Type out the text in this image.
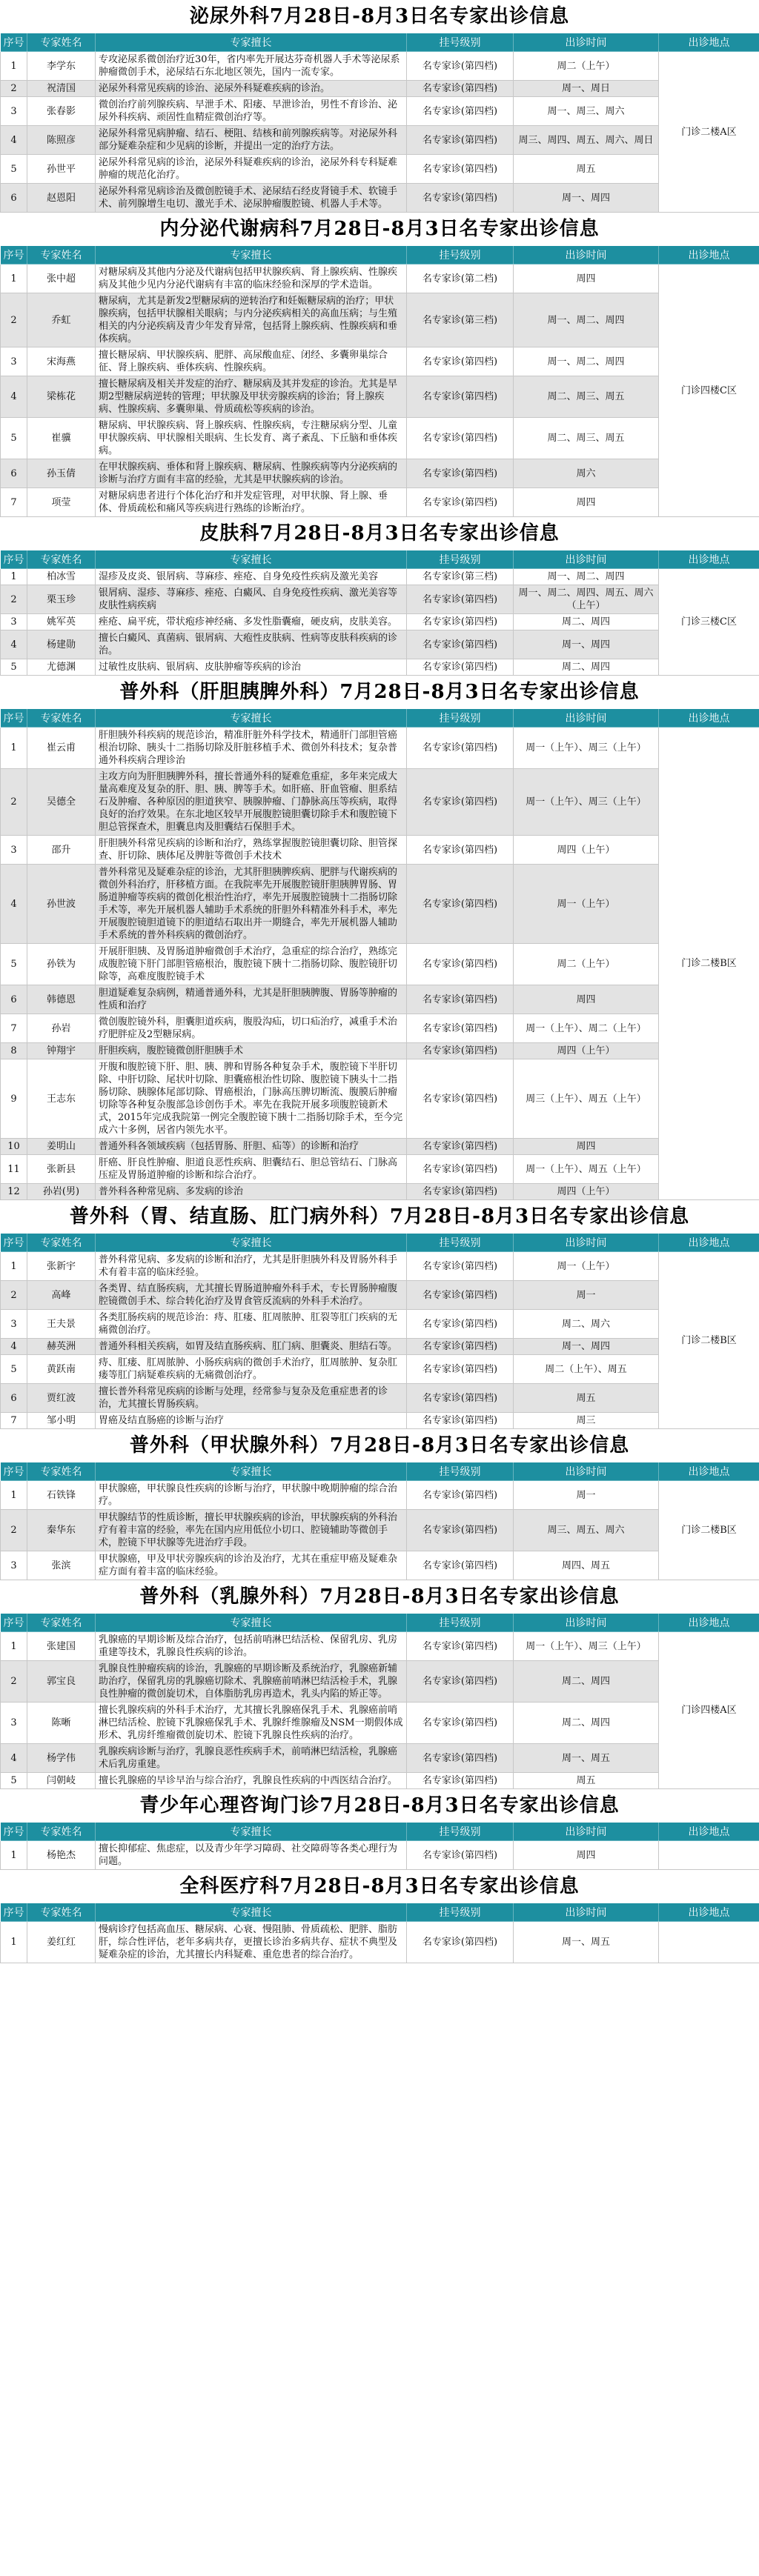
泌尿外科7月28日-8月3日名专家出诊信息
序号	专家姓名	专家擅长	挂号级别	出诊时间	出诊地点
1	李学东	专攻泌尿系微创治疗近30年，省内率先开展达芬奇机器人手术等泌尿系肿瘤微创手术，泌尿结石东北地区领先，国内一流专家。	名专家诊(第四档)	周二（上午）	门诊二楼A区
2	祝清国	泌尿外科常见疾病的诊治、泌尿外科疑难疾病的诊治。	名专家诊(第四档)	周一、周日	
3	张春影	微创治疗前列腺疾病、早泄手术、阳痿、早泄诊治，男性不育诊治、泌尿外科疾病、顽固性血精症微创治疗等。	名专家诊(第四档)	周一、周三、周六	
4	陈照彦	泌尿外科常见病肿瘤、结石、梗阻、结核和前列腺疾病等。对泌尿外科部分疑难杂症和少见病的诊断，并提出一定的治疗方法。	名专家诊(第四档)	周三、周四、周五、周六、周日	
5	孙世平	泌尿外科常见病的诊治，泌尿外科疑难疾病的诊治，泌尿外科专科疑难肿瘤的规范化治疗。	名专家诊(第四档)	周五	
6	赵恩阳	泌尿外科常见病诊治及微创腔镜手术、泌尿结石经皮肾镜手术、软镜手术、前列腺增生电切、激光手术、泌尿肿瘤腹腔镜、机器人手术等。	名专家诊(第四档)	周一、周四	
内分泌代谢病科7月28日-8月3日名专家出诊信息
序号	专家姓名	专家擅长	挂号级别	出诊时间	出诊地点
1	张中超	对糖尿病及其他内分泌及代谢病包括甲状腺疾病、肾上腺疾病、性腺疾病及其他少见内分泌代谢病有丰富的临床经验和深厚的学术造诣。	名专家诊(第二档)	周四	门诊四楼C区
2	乔虹	糖尿病，尤其是新发2型糖尿病的逆转治疗和妊娠糖尿病的治疗；甲状腺疾病，包括甲状腺相关眼病；与内分泌疾病相关的高血压病；与生殖相关的内分泌疾病及青少年发育异常，包括肾上腺疾病、性腺疾病和垂体疾病。	名专家诊(第三档)	周一、周二、周四	
3	宋海燕	擅长糖尿病、甲状腺疾病、肥胖、高尿酸血症、闭经、多囊卵巢综合征、肾上腺疾病、垂体疾病、性腺疾病。	名专家诊(第四档)	周一、周二、周四	
4	梁栋花	擅长糖尿病及相关并发症的治疗、糖尿病及其并发症的诊治。尤其是早期2型糖尿病逆转的管理；甲状腺及甲状旁腺疾病的诊治；肾上腺疾病、性腺疾病、多囊卵巢、骨质疏松等疾病的诊治。	名专家诊(第四档)	周二、周三、周五	
5	崔骥	糖尿病、甲状腺疾病、肾上腺疾病、性腺疾病，专注糖尿病分型、儿童甲状腺疾病、甲状腺相关眼病、生长发育、离子紊乱、下丘脑和垂体疾病。	名专家诊(第四档)	周二、周三、周五	
6	孙玉倩	在甲状腺疾病、垂体和肾上腺疾病、糖尿病、性腺疾病等内分泌疾病的诊断与治疗方面有丰富的经验，尤其是甲状腺疾病的诊治。	名专家诊(第四档)	周六	
7	项莹	对糖尿病患者进行个体化治疗和并发症管理，对甲状腺、肾上腺、垂体、骨质疏松和痛风等疾病进行熟练的诊断治疗。	名专家诊(第四档)	周四	
皮肤科7月28日-8月3日名专家出诊信息
序号	专家姓名	专家擅长	挂号级别	出诊时间	出诊地点
1	柏冰雪	湿疹及皮炎、银屑病、荨麻疹、痤疮、自身免疫性疾病及激光美容	名专家诊(第三档)	周一、周二、周四	门诊三楼C区
2	栗玉珍	银屑病、湿疹、荨麻疹、痤疮、白癜风、自身免疫性疾病、激光美容等皮肤性病疾病	名专家诊(第四档)	周一、周二、周四、周五、周六（上午）	
3	姚军英	痤疮、扁平疣，带状疱疹神经痛、多发性脂囊瘤，硬皮病，皮肤美容。	名专家诊(第四档)	周二、周四	
4	杨建勋	擅长白癜风、真菌病、银屑病、大疱性皮肤病、性病等皮肤科疾病的诊治。	名专家诊(第四档)	周一、周四	
5	尤德渊	过敏性皮肤病、银屑病、皮肤肿瘤等疾病的诊治	名专家诊(第四档)	周二、周四	
普外科（肝胆胰脾外科）7月28日-8月3日名专家出诊信息
序号	专家姓名	专家擅长	挂号级别	出诊时间	出诊地点
1	崔云甫	肝胆胰外科疾病的规范诊治，精准肝脏外科学技术，精通肝门部胆管癌根治切除、胰头十二指肠切除及肝脏移植手术、微创外科技术；复杂普通外科疾病合理诊治	名专家诊(第四档)	周一（上午）、周三（上午）	门诊二楼B区
2	吴德全	主攻方向为肝胆胰脾外科，擅长普通外科的疑难危重症，多年来完成大量高难度及复杂的肝、胆、胰、脾等手术。如肝癌、肝血管瘤、胆系结石及肿瘤、各种原因的胆道狭窄、胰腺肿瘤、门静脉高压等疾病，取得良好的治疗效果。在东北地区较早开展腹腔镜胆囊切除手术和腹腔镜下胆总管探查术，胆囊息肉及胆囊结石保胆手术。	名专家诊(第四档)	周一（上午）、周三（上午）	
3	邵升	肝胆胰外科常见疾病的诊断和治疗，熟练掌握腹腔镜胆囊切除、胆管探查、肝切除、胰体尾及脾脏等微创手术技术	名专家诊(第四档)	周四（上午）	
4	孙世波	普外科常见及疑难杂症的诊治，尤其肝胆胰脾疾病、肥胖与代谢疾病的微创外科治疗，肝移植方面。在我院率先开展腹腔镜肝胆胰脾胃肠、胃肠道肿瘤等疾病的微创化根治性治疗，率先开展腹腔镜胰十二指肠切除手术等，率先开展机器人辅助手术系统的肝胆外科精准外科手术，率先开展腹腔镜胆道镜下的胆道结石取出并一期缝合，率先开展机器人辅助手术系统的普外科疾病的微创治疗。	名专家诊(第四档)	周一（上午）	
5	孙铁为	开展肝胆胰、及胃肠道肿瘤微创手术治疗，急重症的综合治疗，熟练完成腹腔镜下肝门部胆管癌根治，腹腔镜下胰十二指肠切除、腹腔镜肝切除等，高难度腹腔镜手术	名专家诊(第四档)	周二（上午）	
6	韩德恩	胆道疑难复杂病例，精通普通外科，尤其是肝胆胰脾腹、胃肠等肿瘤的性质和治疗	名专家诊(第四档)	周四	
7	孙岩	微创腹腔镜外科，胆囊胆道疾病，腹股沟疝，切口疝治疗，减重手术治疗肥胖症及2型糖尿病。	名专家诊(第四档)	周一（上午）、周二（上午）	
8	钟翔宇	肝胆疾病，腹腔镜微创肝胆胰手术	名专家诊(第四档)	周四（上午）	
9	王志东	开腹和腹腔镜下肝、胆、胰、脾和胃肠各种复杂手术，腹腔镜下半肝切除、中肝切除、尾状叶切除、胆囊癌根治性切除、腹腔镜下胰头十二指肠切除、胰腺体尾部切除、胃癌根治，门脉高压脾切断流、腹膜后肿瘤切除等各种复杂腹部急诊创伤手术。率先在我院开展多项腹腔镜新术式，2015年完成我院第一例完全腹腔镜下胰十二指肠切除手术，至今完成六十多例，居省内领先水平。	名专家诊(第四档)	周三（上午）、周五（上午）	
10	姜明山	普通外科各领域疾病（包括胃肠、肝胆、疝等）的诊断和治疗	名专家诊(第四档)	周四	
11	张新县	肝癌、肝良性肿瘤、胆道良恶性疾病、胆囊结石、胆总管结石、门脉高压症及胃肠道肿瘤的诊断和综合治疗。	名专家诊(第四档)	周一（上午）、周五（上午）	
12	孙岩(男)	普外科各种常见病、多发病的诊治	名专家诊(第四档)	周四（上午）	
普外科（胃、结直肠、肛门病外科）7月28日-8月3日名专家出诊信息
序号	专家姓名	专家擅长	挂号级别	出诊时间	出诊地点
1	张新宇	普外科常见病、多发病的诊断和治疗，尤其是肝胆胰外科及胃肠外科手术有着丰富的临床经验。	名专家诊(第四档)	周一（上午）	门诊二楼B区
2	高峰	各类胃、结直肠疾病，尤其擅长胃肠道肿瘤外科手术，专长胃肠肿瘤腹腔镜微创手术、综合转化治疗及胃食管反流病的外科手术治疗。	名专家诊(第四档)	周一	
3	王夫景	各类肛肠疾病的规范诊治：痔、肛瘘、肛周脓肿、肛裂等肛门疾病的无痛微创治疗。	名专家诊(第四档)	周二、周六	
4	赫英洲	普通外科相关疾病，如胃及结直肠疾病、肛门病、胆囊炎、胆结石等。	名专家诊(第四档)	周一、周四	
5	黄跃南	痔、肛瘘、肛周脓肿、小肠疾病病的微创手术治疗，肛周脓肿、复杂肛瘘等肛门病疑难疾病的无痛微创治疗。	名专家诊(第四档)	周二（上午）、周五	
6	贾红波	擅长普外科常见疾病的诊断与处理，经常参与复杂及危重症患者的诊治，尤其擅长胃肠疾病。	名专家诊(第四档)	周五	
7	邹小明	胃癌及结直肠癌的诊断与治疗	名专家诊(第四档)	周三	
普外科（甲状腺外科）7月28日-8月3日名专家出诊信息
序号	专家姓名	专家擅长	挂号级别	出诊时间	出诊地点
1	石铁锋	甲状腺癌，甲状腺良性疾病的诊断与治疗，甲状腺中晚期肿瘤的综合治疗。	名专家诊(第四档)	周一	门诊二楼B区
2	秦华东	甲状腺结节的性质诊断，擅长甲状腺疾病的诊治，甲状腺疾病的外科治疗有着丰富的经验，率先在国内应用低位小切口、腔镜辅助等微创手术，腔镜下甲状腺等先进治疗手段。	名专家诊(第四档)	周三、周五、周六	
3	张滨	甲状腺癌，甲及甲状旁腺疾病的诊治及治疗，尤其在重症甲癌及疑难杂症方面有着丰富的临床经验。	名专家诊(第四档)	周四、周五	
普外科（乳腺外科）7月28日-8月3日名专家出诊信息
序号	专家姓名	专家擅长	挂号级别	出诊时间	出诊地点
1	张建国	乳腺癌的早期诊断及综合治疗，包括前哨淋巴结活检、保留乳房、乳房重建等技术，乳腺良性疾病的诊治。	名专家诊(第四档)	周一（上午）、周三（上午）	门诊四楼A区
2	郭宝良	乳腺良性肿瘤疾病的诊治，乳腺癌的早期诊断及系统治疗，乳腺癌新辅助治疗，保留乳房的乳腺癌切除术、乳腺癌前哨淋巴结活检手术，乳腺良性肿瘤的微创旋切术，自体脂肪乳房再造术，乳头内陷的矫正等。	名专家诊(第四档)	周二、周四	
3	陈晰	擅长乳腺疾病的外科手术治疗，尤其擅长乳腺癌保乳手术、乳腺癌前哨淋巴结活检、腔镜下乳腺癌保乳手术、乳腺纤维腺瘤及NSM一期假体成形术、乳房纤维瘤微创旋切术、腔镜下乳腺良性疾病的治疗。	名专家诊(第四档)	周二、周四	
4	杨学伟	乳腺疾病诊断与治疗，乳腺良恶性疾病手术，前哨淋巴结活检，乳腺癌术后乳房重建。	名专家诊(第四档)	周一、周五	
5	闫朝岐	擅长乳腺癌的早诊早治与综合治疗，乳腺良性疾病的中西医结合治疗。	名专家诊(第四档)	周五	
青少年心理咨询门诊7月28日-8月3日名专家出诊信息
序号	专家姓名	专家擅长	挂号级别	出诊时间	出诊地点
1	杨艳杰	擅长抑郁症、焦虑症，以及青少年学习障碍、社交障碍等各类心理行为问题。	名专家诊(第四档)	周四	
全科医疗科7月28日-8月3日名专家出诊信息
序号	专家姓名	专家擅长	挂号级别	出诊时间	出诊地点
1	姜红红	慢病诊疗包括高血压、糖尿病、心衰、慢阻肺、骨质疏松、肥胖、脂肪肝，综合性评估，老年多病共存，更擅长诊治多病共存、症状不典型及疑难杂症的诊治，尤其擅长内科疑难、重危患者的综合治疗。	名专家诊(第四档)	周一、周五	
